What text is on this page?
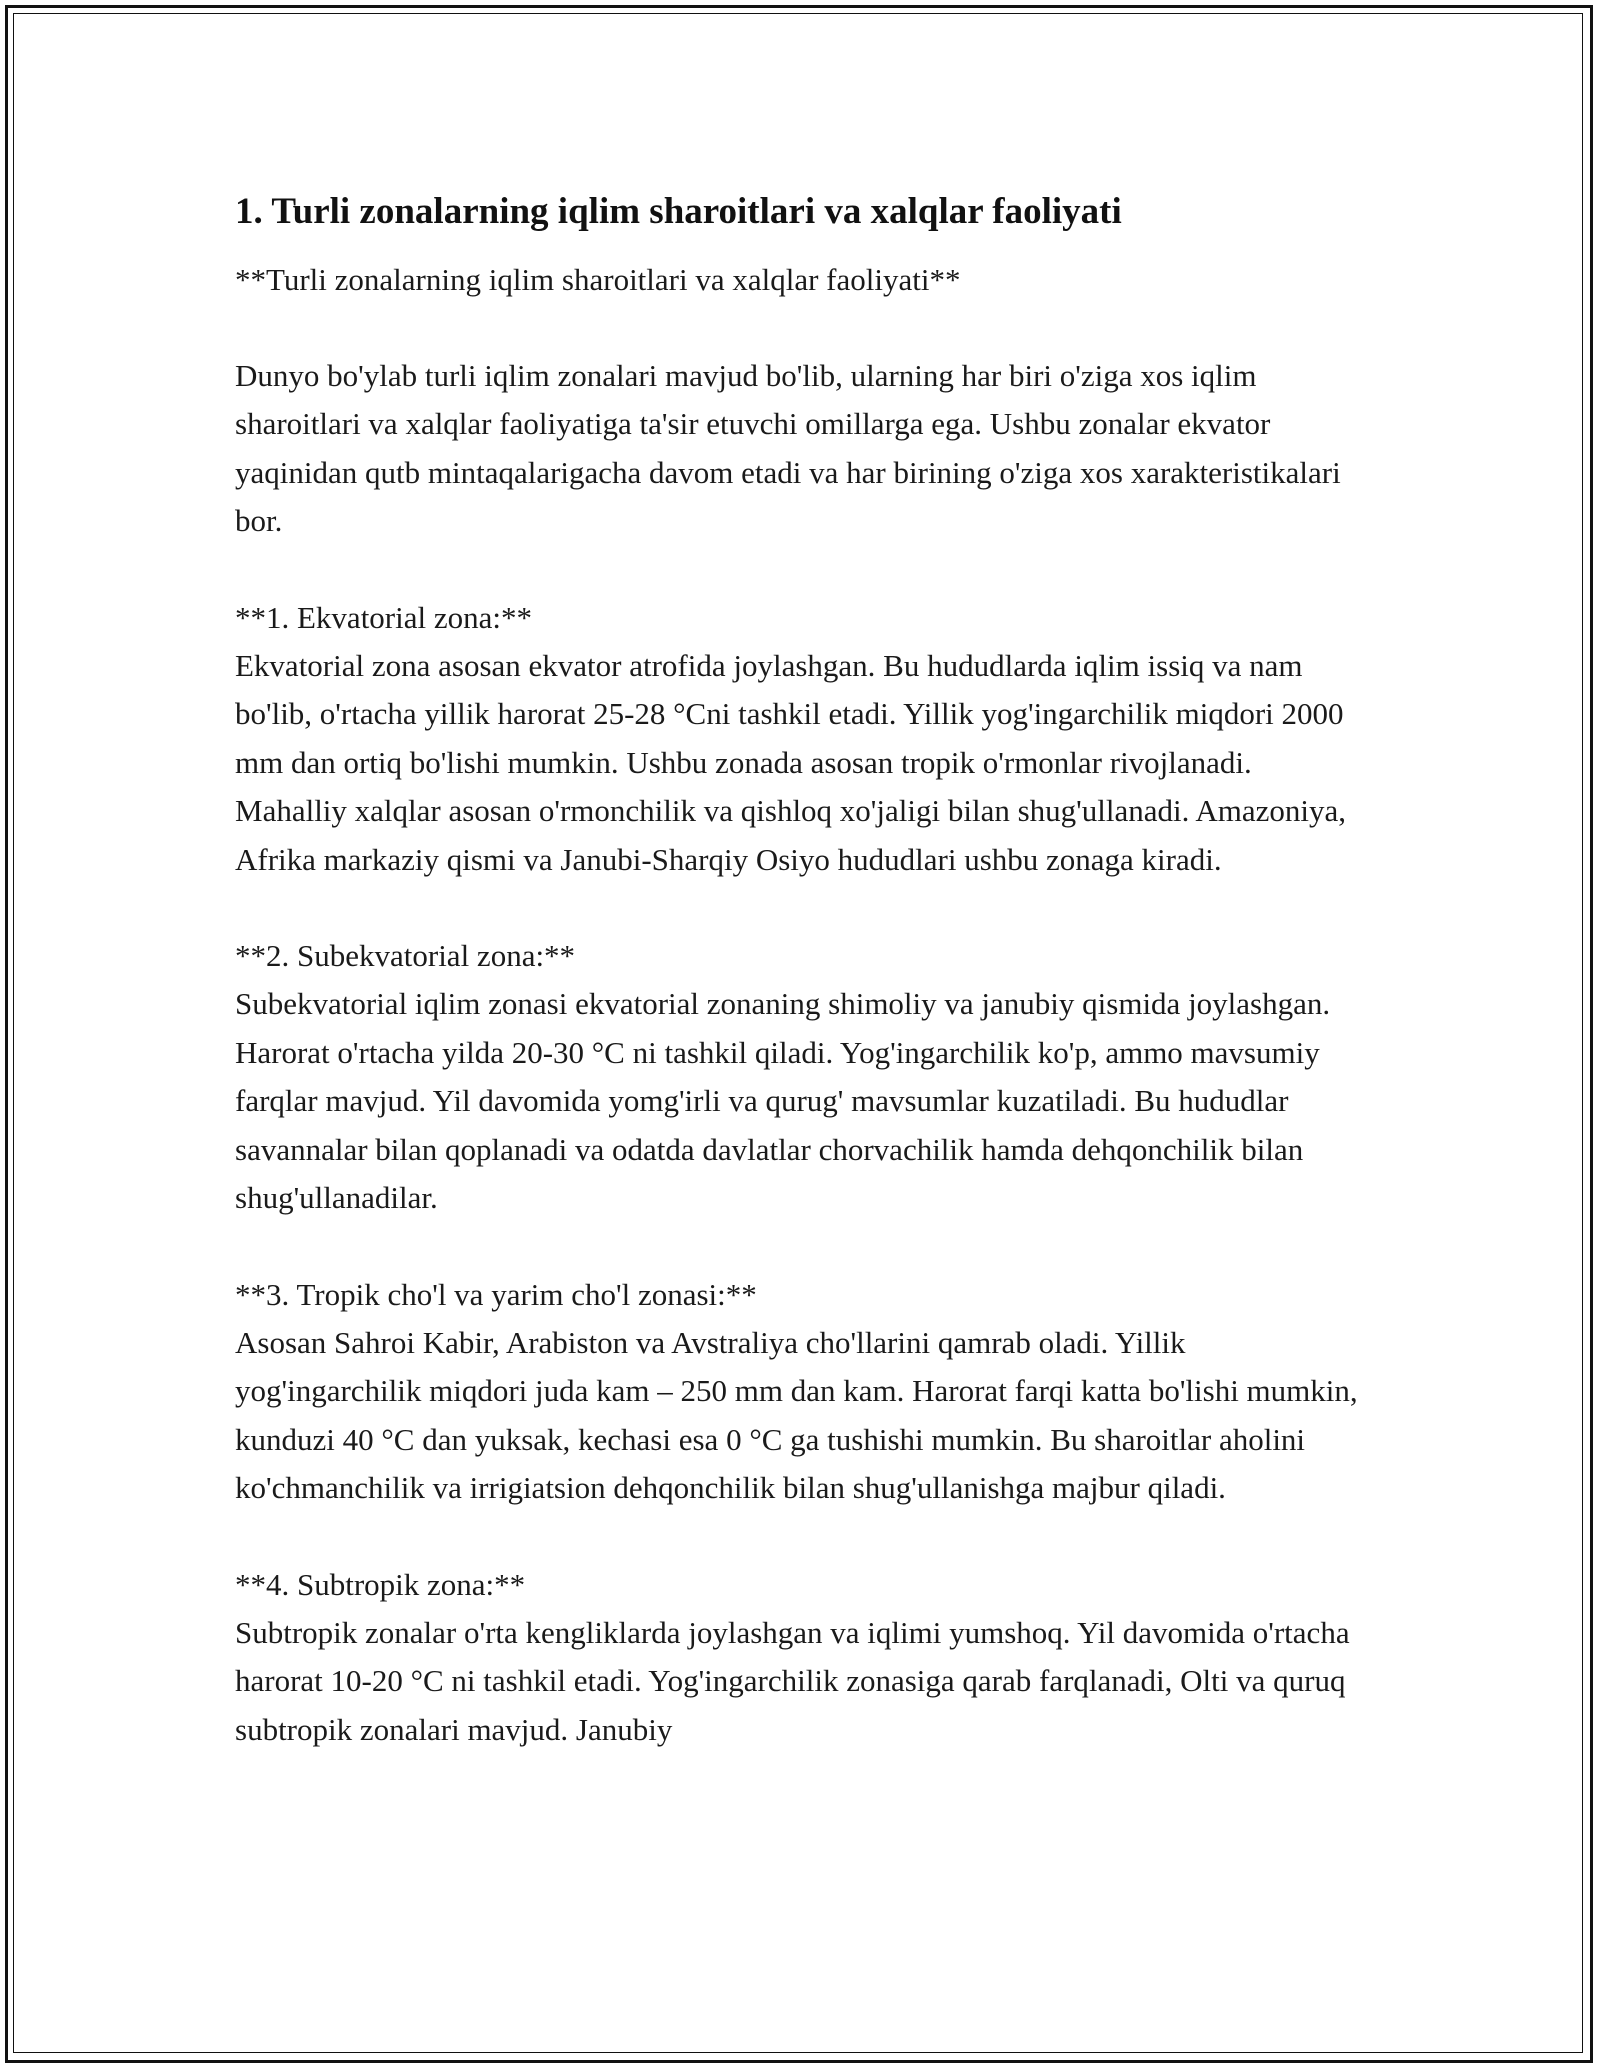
1. Turli zonalarning iqlim sharoitlari va xalqlar faoliyati

**Turli zonalarning iqlim sharoitlari va xalqlar faoliyati**

Dunyo bo'ylab turli iqlim zonalari mavjud bo'lib, ularning har biri o'ziga xos iqlim sharoitlari va xalqlar faoliyatiga ta'sir etuvchi omillarga ega. Ushbu zonalar ekvator yaqinidan qutb mintaqalarigacha davom etadi va har birining o'ziga xos xarakteristikalari bor.

**1. Ekvatorial zona:**

Ekvatorial zona asosan ekvator atrofida joylashgan. Bu hududlarda iqlim issiq va nam bo'lib, o'rtacha yillik harorat 25-28 °Cni tashkil etadi. Yillik yog'ingarchilik miqdori 2000 mm dan ortiq bo'lishi mumkin. Ushbu zonada asosan tropik o'rmonlar rivojlanadi. Mahalliy xalqlar asosan o'rmonchilik va qishloq xo'jaligi bilan shug'ullanadi. Amazoniya, Afrika markaziy qismi va Janubi-Sharqiy Osiyo hududlari ushbu zonaga kiradi.

**2. Subekvatorial zona:**

Subekvatorial iqlim zonasi ekvatorial zonaning shimoliy va janubiy qismida joylashgan. Harorat o'rtacha yilda 20-30 °C ni tashkil qiladi. Yog'ingarchilik ko'p, ammo mavsumiy farqlar mavjud. Yil davomida yomg'irli va qurug' mavsumlar kuzatiladi. Bu hududlar savannalar bilan qoplanadi va odatda davlatlar chorvachilik hamda dehqonchilik bilan shug'ullanadilar.

**3. Tropik cho'l va yarim cho'l zonasi:**

Asosan Sahroi Kabir, Arabiston va Avstraliya cho'llarini qamrab oladi. Yillik yog'ingarchilik miqdori juda kam – 250 mm dan kam. Harorat farqi katta bo'lishi mumkin, kunduzi 40 °C dan yuksak, kechasi esa 0 °C ga tushishi mumkin. Bu sharoitlar aholini ko'chmanchilik va irrigiatsion dehqonchilik bilan shug'ullanishga majbur qiladi.

**4. Subtropik zona:**

Subtropik zonalar o'rta kengliklarda joylashgan va iqlimi yumshoq. Yil davomida o'rtacha harorat 10-20 °C ni tashkil etadi. Yog'ingarchilik zonasiga qarab farqlanadi, Olti va quruq subtropik zonalari mavjud. Janubiy
